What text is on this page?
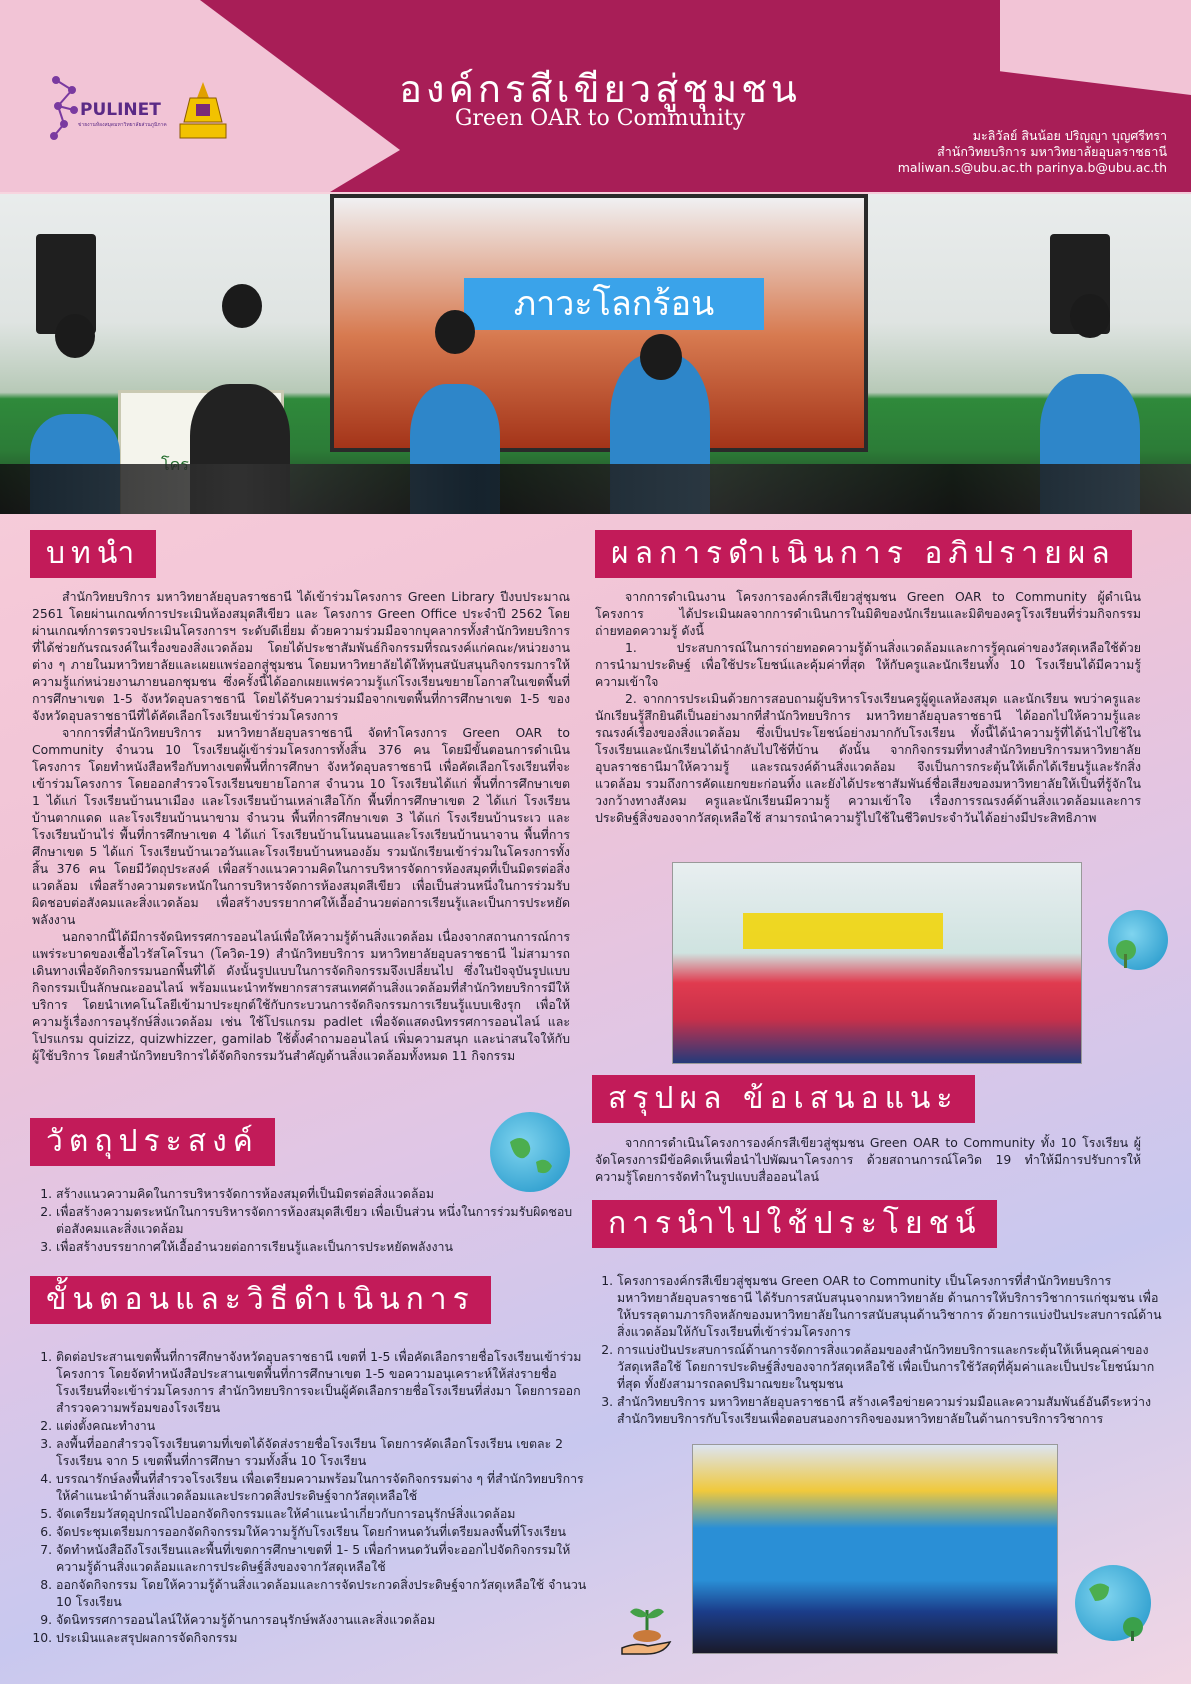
PULINET
ข่ายงานห้องสมุดมหาวิทยาลัยส่วนภูมิภาค
องค์กรสีเขียวสู่ชุมชน
Green OAR to Community
มะลิวัลย์ สินน้อย ปริญญา บุญศรีทรา
สำนักวิทยบริการ มหาวิทยาลัยอุบลราชธานี
maliwan.s@ubu.ac.th parinya.b@ubu.ac.th
ภาวะโลกร้อน
บทนำ

สำนักวิทยบริการ มหาวิทยาลัยอุบลราชธานี ได้เข้าร่วมโครงการ Green Library ปีงบประมาณ 2561 โดยผ่านเกณฑ์การประเมินห้องสมุดสีเขียว และ โครงการ Green Office ประจำปี 2562 โดยผ่านเกณฑ์การตรวจประเมินโครงการฯ ระดับดีเยี่ยม ด้วยความร่วมมือจากบุคลากรทั้งสำนักวิทยบริการที่ได้ช่วยกันรณรงค์ในเรื่องของสิ่งแวดล้อม โดยได้ประชาสัมพันธ์กิจกรรมที่รณรงค์แก่คณะ/หน่วยงานต่าง ๆ ภายในมหาวิทยาลัยและเผยแพร่ออกสู่ชุมชน โดยมหาวิทยาลัยได้ให้ทุนสนับสนุนกิจกรรมการให้ความรู้แก่หน่วยงานภายนอกชุมชน ซึ่งครั้งนี้ได้ออกเผยแพร่ความรู้แก่โรงเรียนขยายโอกาสในเขตพื้นที่การศึกษาเขต 1-5 จังหวัดอุบลราชธานี โดยได้รับความร่วมมือจากเขตพื้นที่การศึกษาเขต 1-5 ของจังหวัดอุบลราชธานีที่ได้คัดเลือกโรงเรียนเข้าร่วมโครงการ

จากการที่สำนักวิทยบริการ มหาวิทยาลัยอุบลราชธานี จัดทำโครงการ Green OAR to Community จำนวน 10 โรงเรียนผู้เข้าร่วมโครงการทั้งสิ้น 376 คน โดยมีขั้นตอนการดำเนินโครงการ โดยทำหนังสือหรือกับทางเขตพื้นที่การศึกษา จังหวัดอุบลราชธานี เพื่อคัดเลือกโรงเรียนที่จะเข้าร่วมโครงการ โดยออกสำรวจโรงเรียนขยายโอกาส จำนวน 10 โรงเรียนได้แก่ พื้นที่การศึกษาเขต 1 ได้แก่ โรงเรียนบ้านนาเมือง และโรงเรียนบ้านเหล่าเสือโก้ก พื้นที่การศึกษาเขต 2 ได้แก่ โรงเรียนบ้านตากแดด และโรงเรียนบ้านนาขาม จำนวน พื้นที่การศึกษาเขต 3 ได้แก่ โรงเรียนบ้านระเว และโรงเรียนบ้านไร่ พื้นที่การศึกษาเขต 4 ได้แก่ โรงเรียนบ้านโนนนอนและโรงเรียนบ้านนาจาน พื้นที่การศึกษาเขต 5 ได้แก่ โรงเรียนบ้านเวอวันและโรงเรียนบ้านหนองอ้ม รวมนักเรียนเข้าร่วมในโครงการทั้งสิ้น 376 คน โดยมีวัตถุประสงค์ เพื่อสร้างแนวความคิดในการบริหารจัดการห้องสมุดที่เป็นมิตรต่อสิ่งแวดล้อม เพื่อสร้างความตระหนักในการบริหารจัดการห้องสมุดสีเขียว เพื่อเป็นส่วนหนึ่งในการร่วมรับผิดชอบต่อสังคมและสิ่งแวดล้อม เพื่อสร้างบรรยากาศให้เอื้ออำนวยต่อการเรียนรู้และเป็นการประหยัดพลังงาน

นอกจากนี้ได้มีการจัดนิทรรศการออนไลน์เพื่อให้ความรู้ด้านสิ่งแวดล้อม เนื่องจากสถานการณ์การแพร่ระบาดของเชื้อไวรัสโคโรนา (โควิด-19) สำนักวิทยบริการ มหาวิทยาลัยอุบลราชธานี ไม่สามารถเดินทางเพื่อจัดกิจกรรมนอกพื้นที่ได้ ดังนั้นรูปแบบในการจัดกิจกรรมจึงเปลี่ยนไป ซึ่งในปัจจุบันรูปแบบกิจกรรมเป็นลักษณะออนไลน์ พร้อมแนะนำทรัพยากรสารสนเทศด้านสิ่งแวดล้อมที่สำนักวิทยบริการมีให้บริการ โดยนำเทคโนโลยีเข้ามาประยุกต์ใช้กับกระบวนการจัดกิจกรรมการเรียนรู้แบบเชิงรุก เพื่อให้ความรู้เรื่องการอนุรักษ์สิ่งแวดล้อม เช่น ใช้โปรแกรม padlet เพื่อจัดแสดงนิทรรศการออนไลน์ และโปรแกรม quizizz, quizwhizzer, gamilab ใช้ตั้งคำถามออนไลน์ เพิ่มความสนุก และน่าสนใจให้กับผู้ใช้บริการ โดยสำนักวิทยบริการได้จัดกิจกรรมวันสำคัญด้านสิ่งแวดล้อมทั้งหมด 11 กิจกรรม

วัตถุประสงค์
1. สร้างแนวความคิดในการบริหารจัดการห้องสมุดที่เป็นมิตรต่อสิ่งแวดล้อม
2. เพื่อสร้างความตระหนักในการบริหารจัดการห้องสมุดสีเขียว เพื่อเป็นส่วน หนึ่งในการร่วมรับผิดชอบต่อสังคมและสิ่งแวดล้อม
3. เพื่อสร้างบรรยากาศให้เอื้ออำนวยต่อการเรียนรู้และเป็นการประหยัดพลังงาน
ขั้นตอนและวิธีดำเนินการ
1. ติดต่อประสานเขตพื้นที่การศึกษาจังหวัดอุบลราชธานี เขตที่ 1-5 เพื่อคัดเลือกรายชื่อโรงเรียนเข้าร่วมโครงการ โดยจัดทำหนังสือประสานเขตพื้นที่การศึกษาเขต 1-5 ขอความอนุเคราะห์ให้ส่งรายชื่อโรงเรียนที่จะเข้าร่วมโครงการ สำนักวิทยบริการจะเป็นผู้คัดเลือกรายชื่อโรงเรียนที่ส่งมา โดยการออกสำรวจความพร้อมของโรงเรียน
2. แต่งตั้งคณะทำงาน
3. ลงพื้นที่ออกสำรวจโรงเรียนตามที่เขตได้จัดส่งรายชื่อโรงเรียน โดยการคัดเลือกโรงเรียน เขตละ 2 โรงเรียน จาก 5 เขตพื้นที่การศึกษา รวมทั้งสิ้น 10 โรงเรียน
4. บรรณารักษ์ลงพื้นที่สำรวจโรงเรียน เพื่อเตรียมความพร้อมในการจัดกิจกรรมต่าง ๆ ที่สำนักวิทยบริการให้คำแนะนำด้านสิ่งแวดล้อมและประกวดสิ่งประดิษฐ์จากวัสดุเหลือใช้
5. จัดเตรียมวัสดุอุปกรณ์ไปออกจัดกิจกรรมและให้คำแนะนำเกี่ยวกับการอนุรักษ์สิ่งแวดล้อม
6. จัดประชุมเตรียมการออกจัดกิจกรรมให้ความรู้กับโรงเรียน โดยกำหนดวันที่เตรียมลงพื้นที่โรงเรียน
7. จัดทำหนังสือถึงโรงเรียนและพื้นที่เขตการศึกษาเขตที่ 1- 5 เพื่อกำหนดวันที่จะออกไปจัดกิจกรรมให้ความรู้ด้านสิ่งแวดล้อมและการประดิษฐ์สิ่งของจากวัสดุเหลือใช้
8. ออกจัดกิจกรรม โดยให้ความรู้ด้านสิ่งแวดล้อมและการจัดประกวดสิ่งประดิษฐ์จากวัสดุเหลือใช้ จำนวน 10 โรงเรียน
9. จัดนิทรรศการออนไลน์ให้ความรู้ด้านการอนุรักษ์พลังงานและสิ่งแวดล้อม
10. ประเมินและสรุปผลการจัดกิจกรรม
ผลการดำเนินการ อภิปรายผล

จากการดำเนินงาน โครงการองค์กรสีเขียวสู่ชุมชน Green OAR to Community ผู้ดำเนินโครงการ ได้ประเมินผลจากการดำเนินการในมิติของนักเรียนและมิติของครูโรงเรียนที่ร่วมกิจกรรมถ่ายทอดความรู้ ดังนี้

1. ประสบการณ์ในการถ่ายทอดความรู้ด้านสิ่งแวดล้อมและการรู้คุณค่าของวัสดุเหลือใช้ด้วยการนำมาประดิษฐ์ เพื่อใช้ประโยชน์และคุ้มค่าที่สุด ให้กับครูและนักเรียนทั้ง 10 โรงเรียนได้มีความรู้ความเข้าใจ

2. จากการประเมินด้วยการสอบถามผู้บริหารโรงเรียนครูผู้ดูแลห้องสมุด และนักเรียน พบว่าครูและนักเรียนรู้สึกยินดีเป็นอย่างมากที่สำนักวิทยบริการ มหาวิทยาลัยอุบลราชธานี ได้ออกไปให้ความรู้และรณรงค์เรื่องของสิ่งแวดล้อม ซึ่งเป็นประโยชน์อย่างมากกับโรงเรียน ทั้งนี้ได้นำความรู้ที่ได้นำไปใช้ในโรงเรียนและนักเรียนได้นำกลับไปใช้ที่บ้าน ดังนั้น จากกิจกรรมที่ทางสำนักวิทยบริการมหาวิทยาลัยอุบลราชธานีมาให้ความรู้ และรณรงค์ด้านสิ่งแวดล้อม จึงเป็นการกระตุ้นให้เด็กได้เรียนรู้และรักสิ่งแวดล้อม รวมถึงการคัดแยกขยะก่อนทิ้ง และยังได้ประชาสัมพันธ์ชื่อเสียงของมหาวิทยาลัยให้เป็นที่รู้จักในวงกว้างทางสังคม ครูและนักเรียนมีความรู้ ความเข้าใจ เรื่องการรณรงค์ด้านสิ่งแวดล้อมและการประดิษฐ์สิ่งของจากวัสดุเหลือใช้ สามารถนำความรู้ไปใช้ในชีวิตประจำวันได้อย่างมีประสิทธิภาพ

สรุปผล ข้อเสนอแนะ

จากการดำเนินโครงการองค์กรสีเขียวสู่ชุมชน Green OAR to Community ทั้ง 10 โรงเรียน ผู้จัดโครงการมีข้อคิดเห็นเพื่อนำไปพัฒนาโครงการ ด้วยสถานการณ์โควิด 19 ทำให้มีการปรับการให้ความรู้โดยการจัดทำในรูปแบบสื่อออนไลน์

การนำไปใช้ประโยชน์
1. โครงการองค์กรสีเขียวสู่ชุมชน Green OAR to Community เป็นโครงการที่สำนักวิทยบริการ มหาวิทยาลัยอุบลราชธานี ได้รับการสนับสนุนจากมหาวิทยาลัย ด้านการให้บริการวิชาการแก่ชุมชน เพื่อให้บรรลุตามภารกิจหลักของมหาวิทยาลัยในการสนับสนุนด้านวิชาการ ด้วยการแบ่งปันประสบการณ์ด้านสิ่งแวดล้อมให้กับโรงเรียนที่เข้าร่วมโครงการ
2. การแบ่งปันประสบการณ์ด้านการจัดการสิ่งแวดล้อมของสำนักวิทยบริการและกระตุ้นให้เห็นคุณค่าของวัสดุเหลือใช้ โดยการประดิษฐ์สิ่งของจากวัสดุเหลือใช้ เพื่อเป็นการใช้วัสดุที่คุ้มค่าและเป็นประโยชน์มากที่สุด ทั้งยังสามารถลดปริมาณขยะในชุมชน
3. สำนักวิทยบริการ มหาวิทยาลัยอุบลราชธานี สร้างเครือข่ายความร่วมมือและความสัมพันธ์อันดีระหว่างสำนักวิทยบริการกับโรงเรียนเพื่อตอบสนองการกิจของมหาวิทยาลัยในด้านการบริการวิชาการ
